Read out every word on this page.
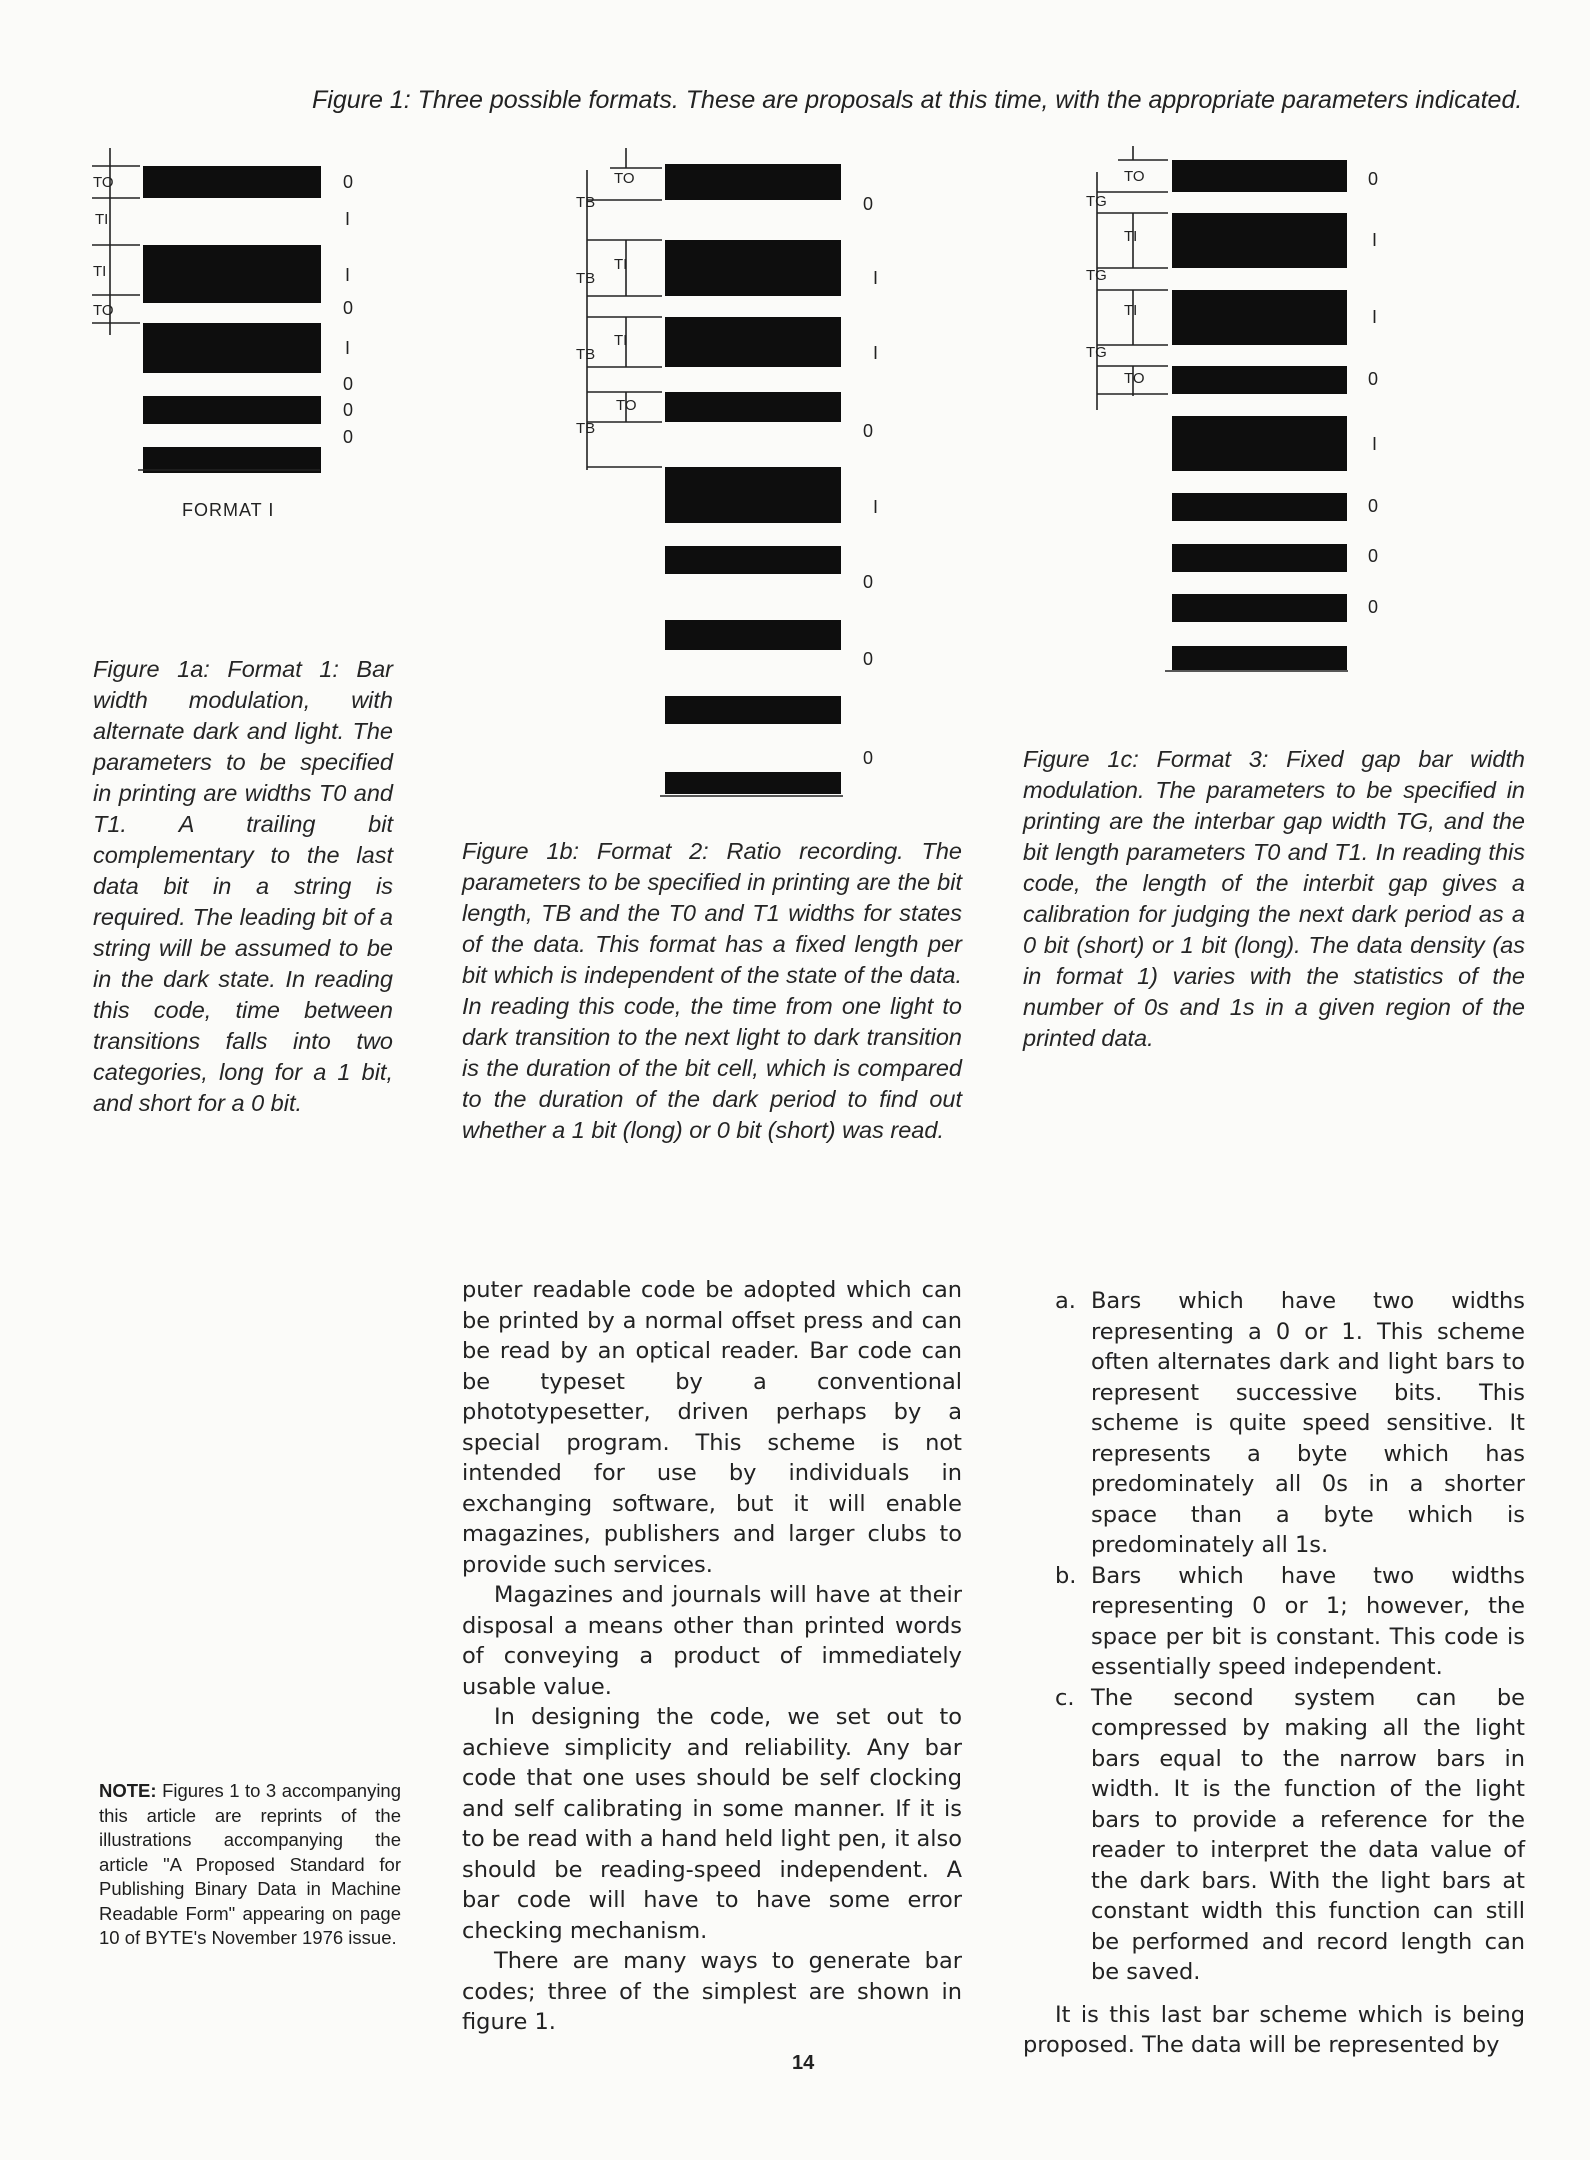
Figure 1: Three possible formats. These are proposals at this time, with the appropriate parameters indicated.
0
I
I
0
I
0
0
0
TO
TI
TI
TO
FORMAT I
0
I
I
0
I
0
0
0
TO
TB
TI
TB
TI
TB
TO
TB
0
I
I
0
I
0
0
0
TO
TG
TI
TG
TI
TG
TO
Figure 1a: Format 1: Bar width modulation, with alternate dark and light. The parameters to be specified in printing are widths T0 and T1. A trailing bit complementary to the last data bit in a string is required. The leading bit of a string will be assumed to be in the dark state. In reading this code, time between transitions falls into two categories, long for a 1 bit, and short for a 0 bit.
Figure 1b: Format 2: Ratio recording. The parameters to be specified in printing are the bit length, TB and the T0 and T1 widths for states of the data. This format has a fixed length per bit which is independent of the state of the data. In reading this code, the time from one light to dark transition to the next light to dark transition is the duration of the bit cell, which is compared to the duration of the dark period to find out whether a 1 bit (long) or 0 bit (short) was read.
Figure 1c: Format 3: Fixed gap bar width modulation. The parameters to be specified in printing are the interbar gap width TG, and the bit length parameters T0 and T1. In reading this code, the length of the interbit gap gives a calibration for judging the next dark period as a 0 bit (short) or 1 bit (long). The data density (as in format 1) varies with the statistics of the number of 0s and 1s in a given region of the printed data.
NOTE: Figures 1 to 3 accompanying this article are reprints of the illustrations accompanying the article "A Proposed Standard for Publishing Binary Data in Machine Readable Form" appearing on page 10 of BYTE's November 1976 issue.

puter readable code be adopted which can be printed by a normal offset press and can be read by an optical reader. Bar code can be typeset by a conventional phototypesetter, driven perhaps by a special program. This scheme is not intended for use by individuals in exchanging software, but it will enable magazines, publishers and larger clubs to provide such services.

Magazines and journals will have at their disposal a means other than printed words of conveying a product of immediately usable value.

In designing the code, we set out to achieve simplicity and reliability. Any bar code that one uses should be self clocking and self calibrating in some manner. If it is to be read with a hand held light pen, it also should be reading-speed independent. A bar code will have to have some error checking mechanism.

There are many ways to generate bar codes; three of the simplest are shown in figure 1.

a. Bars which have two widths representing a 0 or 1. This scheme often alternates dark and light bars to represent successive bits. This scheme is quite speed sensitive. It represents a byte which has predominately all 0s in a shorter space than a byte which is predominately all 1s.
b. Bars which have two widths representing 0 or 1; however, the space per bit is constant. This code is essentially speed independent.
c. The second system can be compressed by making all the light bars equal to the narrow bars in width. It is the function of the light bars to provide a reference for the reader to interpret the data value of the dark bars. With the light bars at constant width this function can still be performed and record length can be saved.

It is this last bar scheme which is being proposed. The data will be represented by

14
